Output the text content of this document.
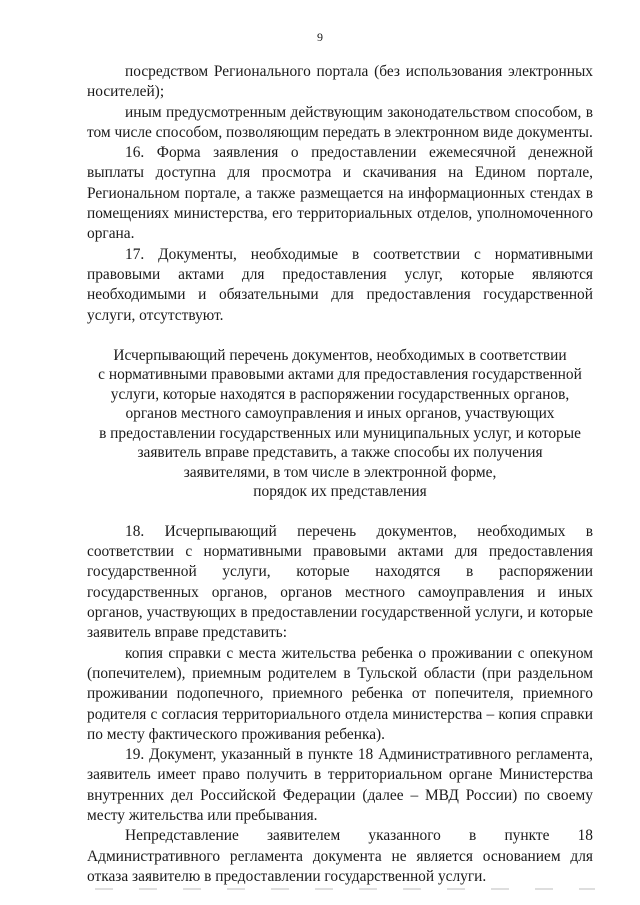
9

посредством Регионального портала (без использования электронных носителей);

иным предусмотренным действующим законодательством способом, в том числе способом, позволяющим передать в электронном виде документы.

16. Форма заявления о предоставлении ежемесячной денежной выплаты доступна для просмотра и скачивания на Едином портале, Региональном портале, а также размещается на информационных стендах в помещениях министерства, его территориальных отделов, уполномоченного органа.

17. Документы, необходимые в соответствии с нормативными правовыми актами для предоставления услуг, которые являются необходимыми и обязательными для предоставления государственной услуги, отсутствуют.

Исчерпывающий перечень документов, необходимых в соответствии
с нормативными правовыми актами для предоставления государственной
услуги, которые находятся в распоряжении государственных органов,
органов местного самоуправления и иных органов, участвующих
в предоставлении государственных или муниципальных услуг, и которые
заявитель вправе представить, а также способы их получения
заявителями, в том числе в электронной форме,
порядок их представления

18. Исчерпывающий перечень документов, необходимых в соответствии с нормативными правовыми актами для предоставления государственной услуги, которые находятся в распоряжении государственных органов, органов местного самоуправления и иных органов, участвующих в предоставлении государственной услуги, и которые заявитель вправе представить:

копия справки с места жительства ребенка о проживании с опекуном (попечителем), приемным родителем в Тульской области (при раздельном проживании подопечного, приемного ребенка от попечителя, приемного родителя с согласия территориального отдела министерства – копия справки по месту фактического проживания ребенка).

19. Документ, указанный в пункте 18 Административного регламента, заявитель имеет право получить в территориальном органе Министерства внутренних дел Российской Федерации (далее – МВД России) по своему месту жительства или пребывания.

Непредставление заявителем указанного в пункте 18 Административного регламента документа не является основанием для отказа заявителю в предоставлении государственной услуги.
